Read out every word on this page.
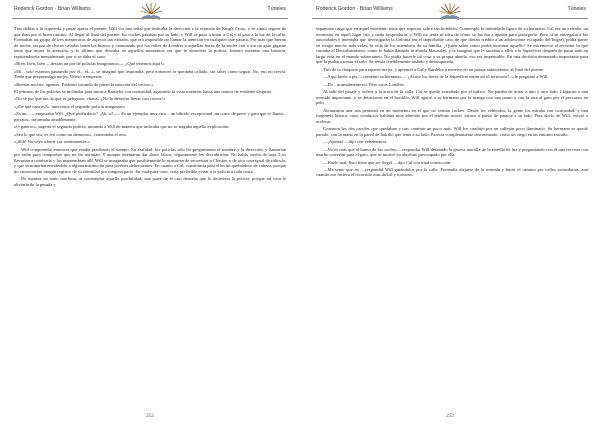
Roderick Gordon · Brian Williams	Túneles

Tras doblar a la izquierda y pasar aprisa el puente, Will vio una señal que indicaba la dirección a la estación de King's Cross, y se sintió seguro de que iban por el buen camino. Al llegar al final del puente, los coches pasaban por su lado, y Will se puso a mirar a Cal y al gato a la luz de la calle. Formaban un grupo de tres mentecatos de aspecto tan extraño, que era imposible no llamar la atención en cualquier que pasara. Por más que fueran de noche, un par de chicos calados hasta los huesos y caminando por las calles de Londres a aquellas horas de la noche con o sin un gato gigante tenía que atraer la atención, y lo último que deseaba en aquellos momentos era que le detuviera la policía. Intentó inventar una historia, repitiéndosela mentalmente, por si se daba el caso:

«Bien, bien, bien —decían un par de policías imaginarios—. ¿Qué tenemos aquí?»

«Eh... solo estamos paseando por el... el...», se imaginó que respondía, pero entonces se quedaba callado, sin saber cómo seguir. No, eso no servía. Tenía que prepararalgo mejor. Volvió a empezar:

«Buenas noches, agentes. Estamos sacando de paseo la mascota del vecino.»

El primero de los policías se inclinaba para mirar a Bartleby con curiosidad, aguzando la vista mientras hacía una mueca de evidente disgusto.

«No sé por qué me da que es peligroso, chaval. ¿No lo deberías llevar con correa?»

«¿De qué raza es?», intervenía el segundo policía imaginario.

«Es un... —empezaba Will. ¿Qué podía decir? ¡Ah, sí! —: Es un ejemplar muy raro... un híbrido excepcional, un cruce de perro y gato que se llama... perrato», informaba amablemente.

«O gaterro», sugería el segundo policía, mirando a Will de manera que indicaba que no se tragaba aquella explicación.

«Sea lo que sea, es feo como un demonio», comentaba el otro.

«¡Shh! No vaya a herir sus sentimientos.»

Will comprendió entonces que estaba perdiendo el tiempo. En realidad, los policías sólo les preguntarían el nombre y la dirección, y llamarían por radio para comprobar que no les mentían. Y aunque intentaran dar datos falsos, seguramente les descubrirían. No había vuelta de hoja. Los llevarían a comisaría y los mantendrían allí. Will se imaginaba que posiblemente lo acusarían de secuestrar a Chester, o de otra cosa igual de ridícula, y que terminarían enviándolo a alguna institución para jóvenes delincuentes. En cuanto a Cal, constituiría para ellos un quebradero de cabeza, porque no encontrarían ningún registro de su identidad por ninguna parte. En cualquier caso, sería preferible evitar a la policía a toda costa.

De manera un tanto morbosa, al contemplar aquella posibilidad, una parte de él casi deseaba que lo detuviera la policía, porque tal cosa le aliviaría de la pesada y

252
Roderick Gordon · Brian Williams	Túneles

espantosa carga que en aquel momento tenía que soportar sobre sus hombros. Contempló la intimidada figura de su hermano. Cal era un extraño, un momento en aquel lugar frío y nada hospitalario, y Will no tenía ni idea de cómo se las iba a apañar para protegerlo. Pero sí se entregaba a las autoridades e intentaba que investigaran la Colonia (en el improbable caso de que dieran crédito a un adolescente escapado del hogar), podía poner en riesgo mucho más vidas, la vida de los miembros de su familia. ¿Quién sabía cómo podía terminar aquello? Se estremeció al recordar lo que contaba el Descubrimiento, como lo había llamado la abuela Macaulay, y se imaginó que le sacaban a ellos a la Superficie después de pasar todo su largo vida en el mundo subterráneo. No podía hacerle tal cosa a su propia abuela, eso era impensable. En una decisión demasiado importante para que la pudiera tomar él solo. Se sentía terriblemente aislado y desamparado.

Tiró de la chaqueta para taparse mejor, y apremió a Cal y Bartleby a meterse en un pasaje subterráneo, al final del puente.

—Aquí huele a pis —comentó su hermano—. ¿Acaso los Seres de la Superficie mean así el territorio? —le preguntó a Will.

—Eh... normalmente no. Pero estos Londres.

Al salir del pasaje y volver a la acera de la calle, Cal se quedó extrañado por el tráfico. No paraba de mirar a uno y otro lado. Llegaron a una avenida importante, y se detuvieron en el bordillo. Will agarró a su hermano por la manga con una mano y con la otra al gato por el pescuezo en pelo.

Alcanzaron una isla peatonal en un momento en el que no venían coches. Desde los vehículos, la gente los miraba con curiosidad, y una furgoneta blanca, cuyo conductor hablaba muy alterado por el teléfono móvil, estuvo a punto de pararse a su lado. Para alivio de Will, volvió a acelerar.

Cruzaron los dos carriles que quedaban y tras caminar un poco más, Will los condujo por un callejón poco iluminado. Su hermano se quedó parado, con la mano en la pared de ladrillo que tenía a su lado. Parecía completamente desorientado, como un ciego en un entorno extraño.

—¡Apestal —dijo con vehemencia.

—No es más que el humo de los coches —respondió Will deseando la gruesa muralla de la estrella de luz y preguntando con él una cerveza con mucho correrlas para el gato, que se mostró en absoluto preocupado por ella.

—Huele mal. Esto tiene que ser ilegal —dijo Cal con total convicción.

—Me temo que no —respondió Will guiándolos por la calle. Pretendía alejarse de la avenida y hacer el camino por calles secundarias, aun cuando eso hiciera el recorrido más difícil y tortuoso.

253
